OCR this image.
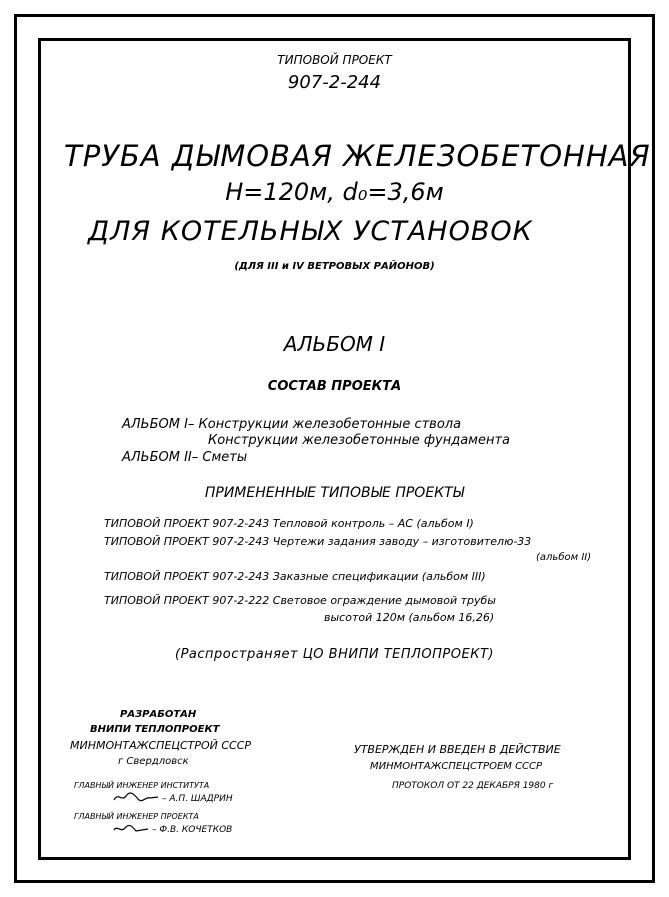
ТИПОВОЙ ПРОЕКТ
907-2-244
ТРУБА ДЫМОВАЯ ЖЕЛЕЗОБЕТОННАЯ
H=120м, d₀=3,6м
ДЛЯ КОТЕЛЬНЫХ УСТАНОВОК
(ДЛЯ III и IV ВЕТРОВЫХ РАЙОНОВ)
АЛЬБОМ I
СОСТАВ ПРОЕКТА
АЛЬБОМ I– Конструкции железобетонные ствола
Конструкции железобетонные фундамента
АЛЬБОМ II– Сметы
ПРИМЕНЕННЫЕ ТИПОВЫЕ ПРОЕКТЫ
ТИПОВОЙ ПРОЕКТ 907-2-243 Тепловой контроль – АС (альбом I)
ТИПОВОЙ ПРОЕКТ 907-2-243 Чертежи задания заводу – изготовителю-33
(альбом II)
ТИПОВОЙ ПРОЕКТ 907-2-243 Заказные спецификации (альбом III)
ТИПОВОЙ ПРОЕКТ 907-2-222 Световое ограждение дымовой трубы
высотой 120м (альбом 16,26)
(Распространяет ЦО ВНИПИ ТЕПЛОПРОЕКТ)
РАЗРАБОТАН
ВНИПИ ТЕПЛОПРОЕКТ
МИНМОНТАЖСПЕЦСТРОЙ СССР
г Свердловск
ГЛАВНЫЙ ИНЖЕНЕР ИНСТИТУТА
– А.П. ШАДРИН
ГЛАВНЫЙ ИНЖЕНЕР ПРОЕКТА
– Ф.В. КОЧЕТКОВ
УТВЕРЖДЕН И ВВЕДЕН В ДЕЙСТВИЕ
МИНМОНТАЖСПЕЦСТРОЕМ СССР
ПРОТОКОЛ ОТ 22 ДЕКАБРЯ 1980 г
